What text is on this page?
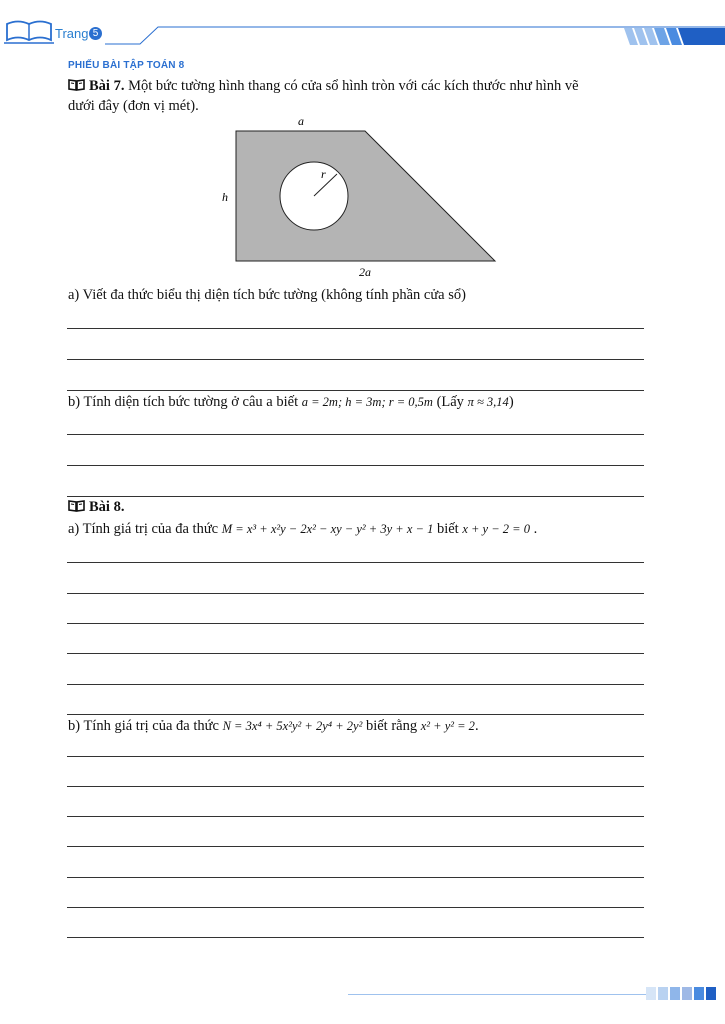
Trang 5
PHIẾU BÀI TẬP TOÁN 8
Bài 7. Một bức tường hình thang có cửa sổ hình tròn với các kích thước như hình vẽ
dưới đây (đơn vị mét).
a
h
r
2a
a) Viết đa thức biểu thị diện tích bức tường (không tính phần cửa sổ)
b) Tính diện tích bức tường ở câu a biết a = 2m; h = 3m; r = 0,5m (Lấy π ≈ 3,14)
Bài 8.
a) Tính giá trị của đa thức M = x³ + x²y − 2x² − xy − y² + 3y + x − 1 biết x + y − 2 = 0 .
b) Tính giá trị của đa thức N = 3x⁴ + 5x²y² + 2y⁴ + 2y² biết rằng x² + y² = 2.
